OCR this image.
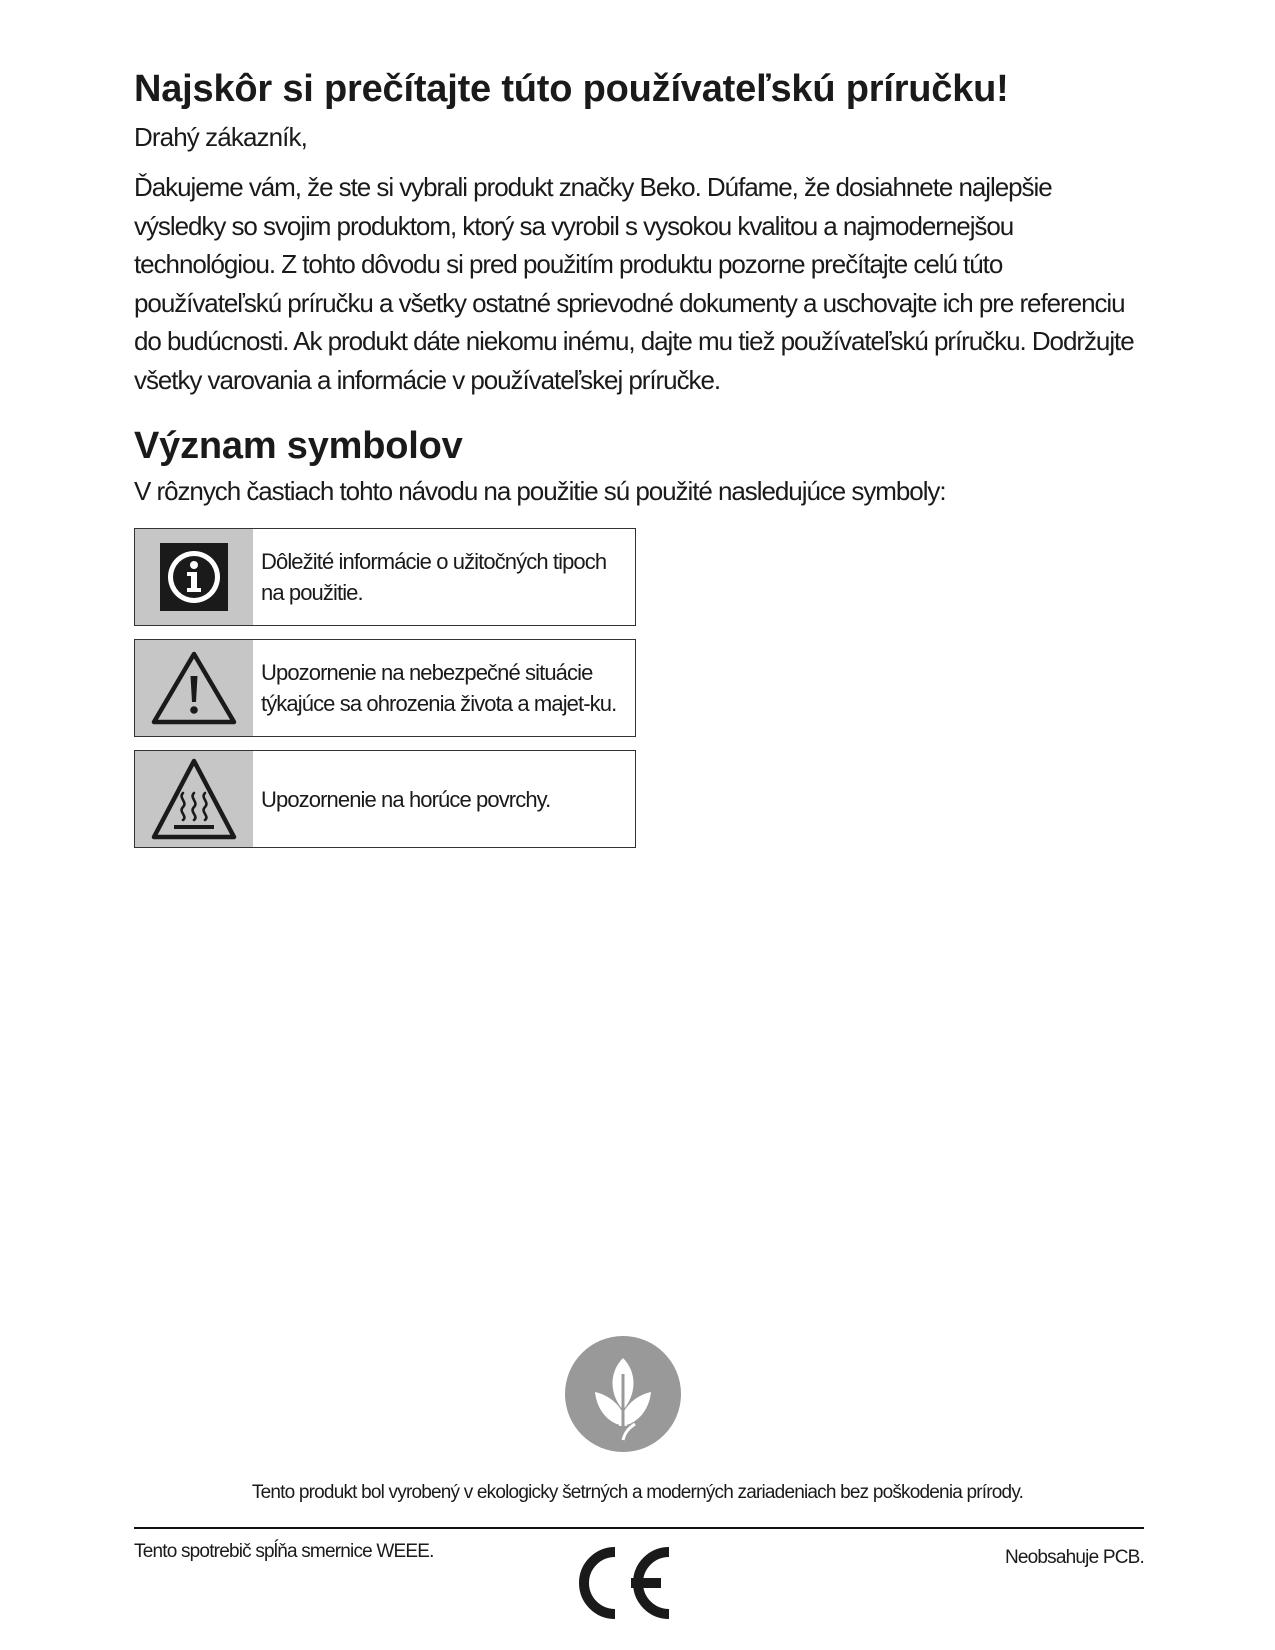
Najskôr si prečítajte túto používateľskú príručku!

Drahý zákazník,

Ďakujeme vám, že ste si vybrali produkt značky Beko. Dúfame, že dosiahnete najlepšie výsledky so svojim produktom, ktorý sa vyrobil s vysokou kvalitou a najmodernejšou technológiou. Z tohto dôvodu si pred použitím produktu pozorne prečítajte celú túto používateľskú príručku a všetky ostatné sprievodné dokumenty a uschovajte ich pre referenciu do budúcnosti. Ak produkt dáte niekomu inému, dajte mu tiež používateľskú príručku. Dodržujte všetky varovania a informácie v používateľskej príručke.

Význam symbolov

V rôznych častiach tohto návodu na použitie sú použité nasledujúce symboly:

Dôležité informácie o užitočných tipoch na použitie.
Upozornenie na nebezpečné situácie týkajúce sa ohrozenia života a majet-ku.
Upozornenie na horúce povrchy.

Tento produkt bol vyrobený v ekologicky šetrných a moderných zariadeniach bez poškodenia prírody.

Tento spotrebič spĺňa smernice WEEE.	Neobsahuje PCB.
